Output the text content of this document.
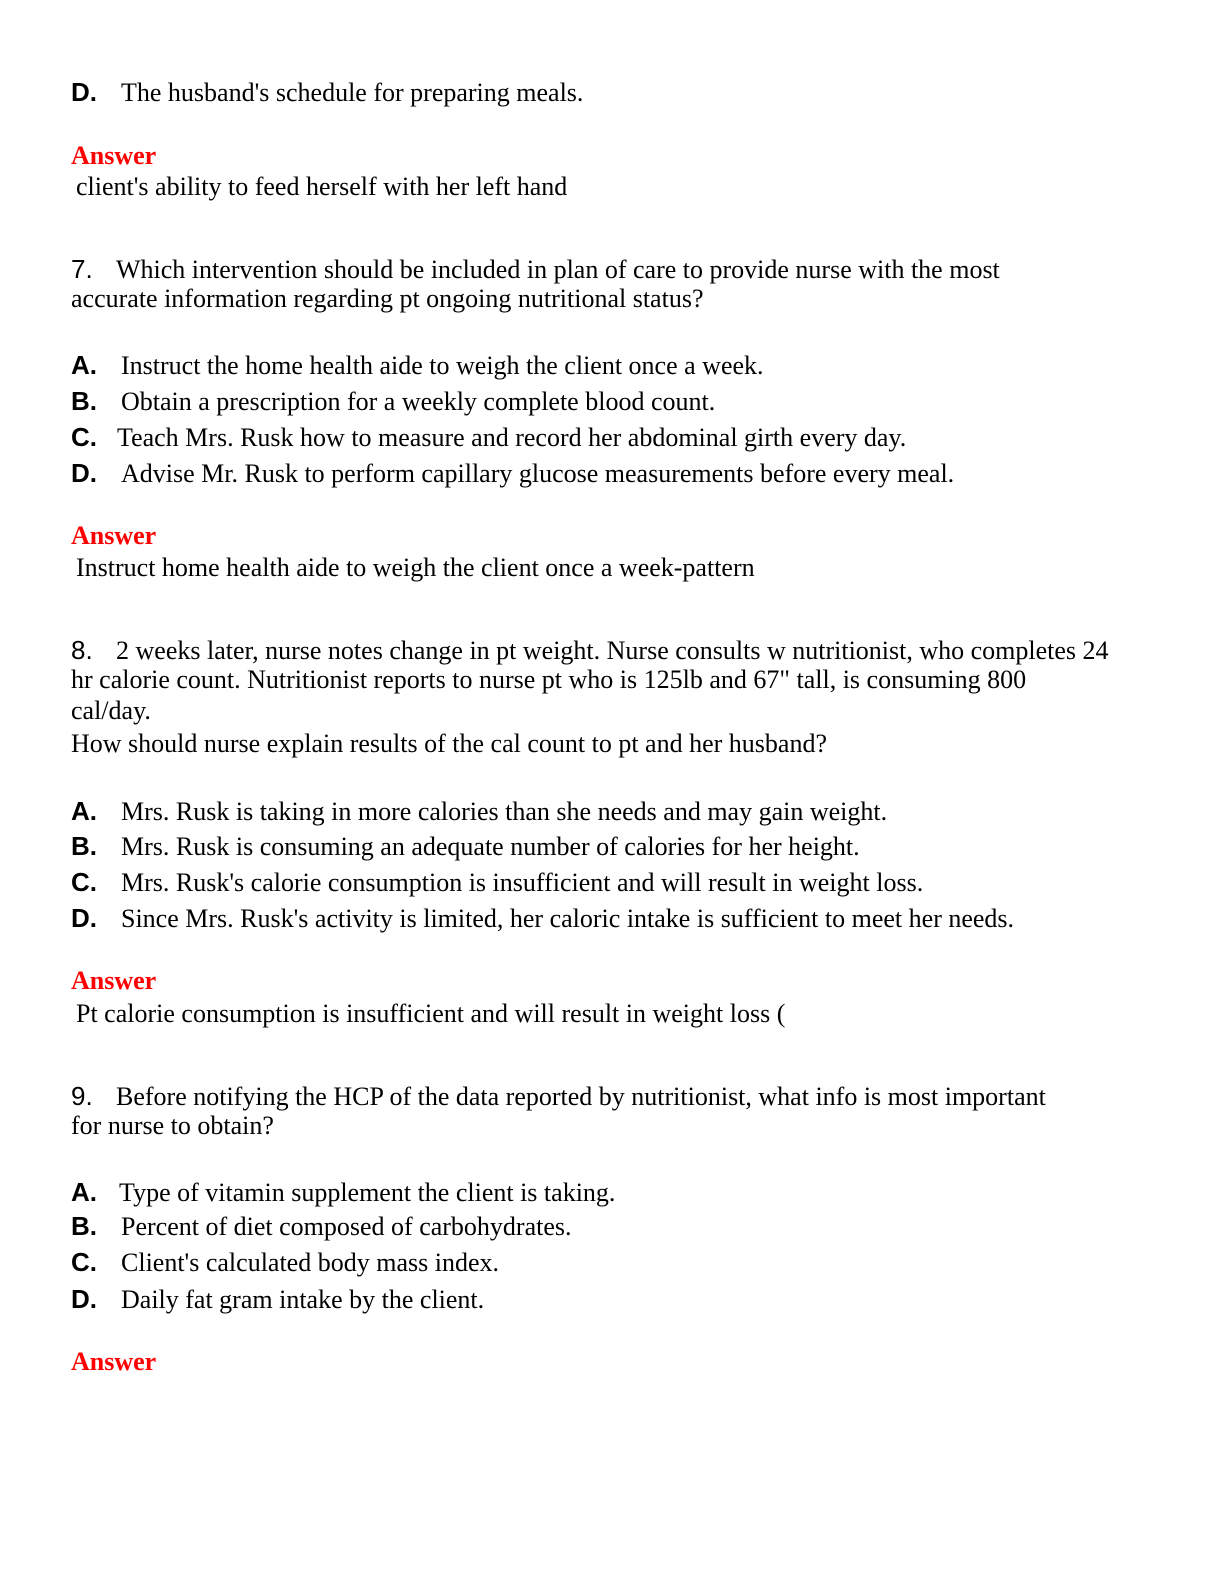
D. The husband's schedule for preparing meals.
Answer
client's ability to feed herself with her left hand
7. Which intervention should be included in plan of care to provide nurse with the most
accurate information regarding pt ongoing nutritional status?
A. Instruct the home health aide to weigh the client once a week.
B. Obtain a prescription for a weekly complete blood count.
C. Teach Mrs. Rusk how to measure and record her abdominal girth every day.
D. Advise Mr. Rusk to perform capillary glucose measurements before every meal.
Answer
Instruct home health aide to weigh the client once a week-pattern
8. 2 weeks later, nurse notes change in pt weight. Nurse consults w nutritionist, who completes 24
hr calorie count. Nutritionist reports to nurse pt who is 125lb and 67" tall, is consuming 800
cal/day.
How should nurse explain results of the cal count to pt and her husband?
A. Mrs. Rusk is taking in more calories than she needs and may gain weight.
B. Mrs. Rusk is consuming an adequate number of calories for her height.
C. Mrs. Rusk's calorie consumption is insufficient and will result in weight loss.
D. Since Mrs. Rusk's activity is limited, her caloric intake is sufficient to meet her needs.
Answer
Pt calorie consumption is insufficient and will result in weight loss (
9. Before notifying the HCP of the data reported by nutritionist, what info is most important
for nurse to obtain?
A. Type of vitamin supplement the client is taking.
B. Percent of diet composed of carbohydrates.
C. Client's calculated body mass index.
D. Daily fat gram intake by the client.
Answer
